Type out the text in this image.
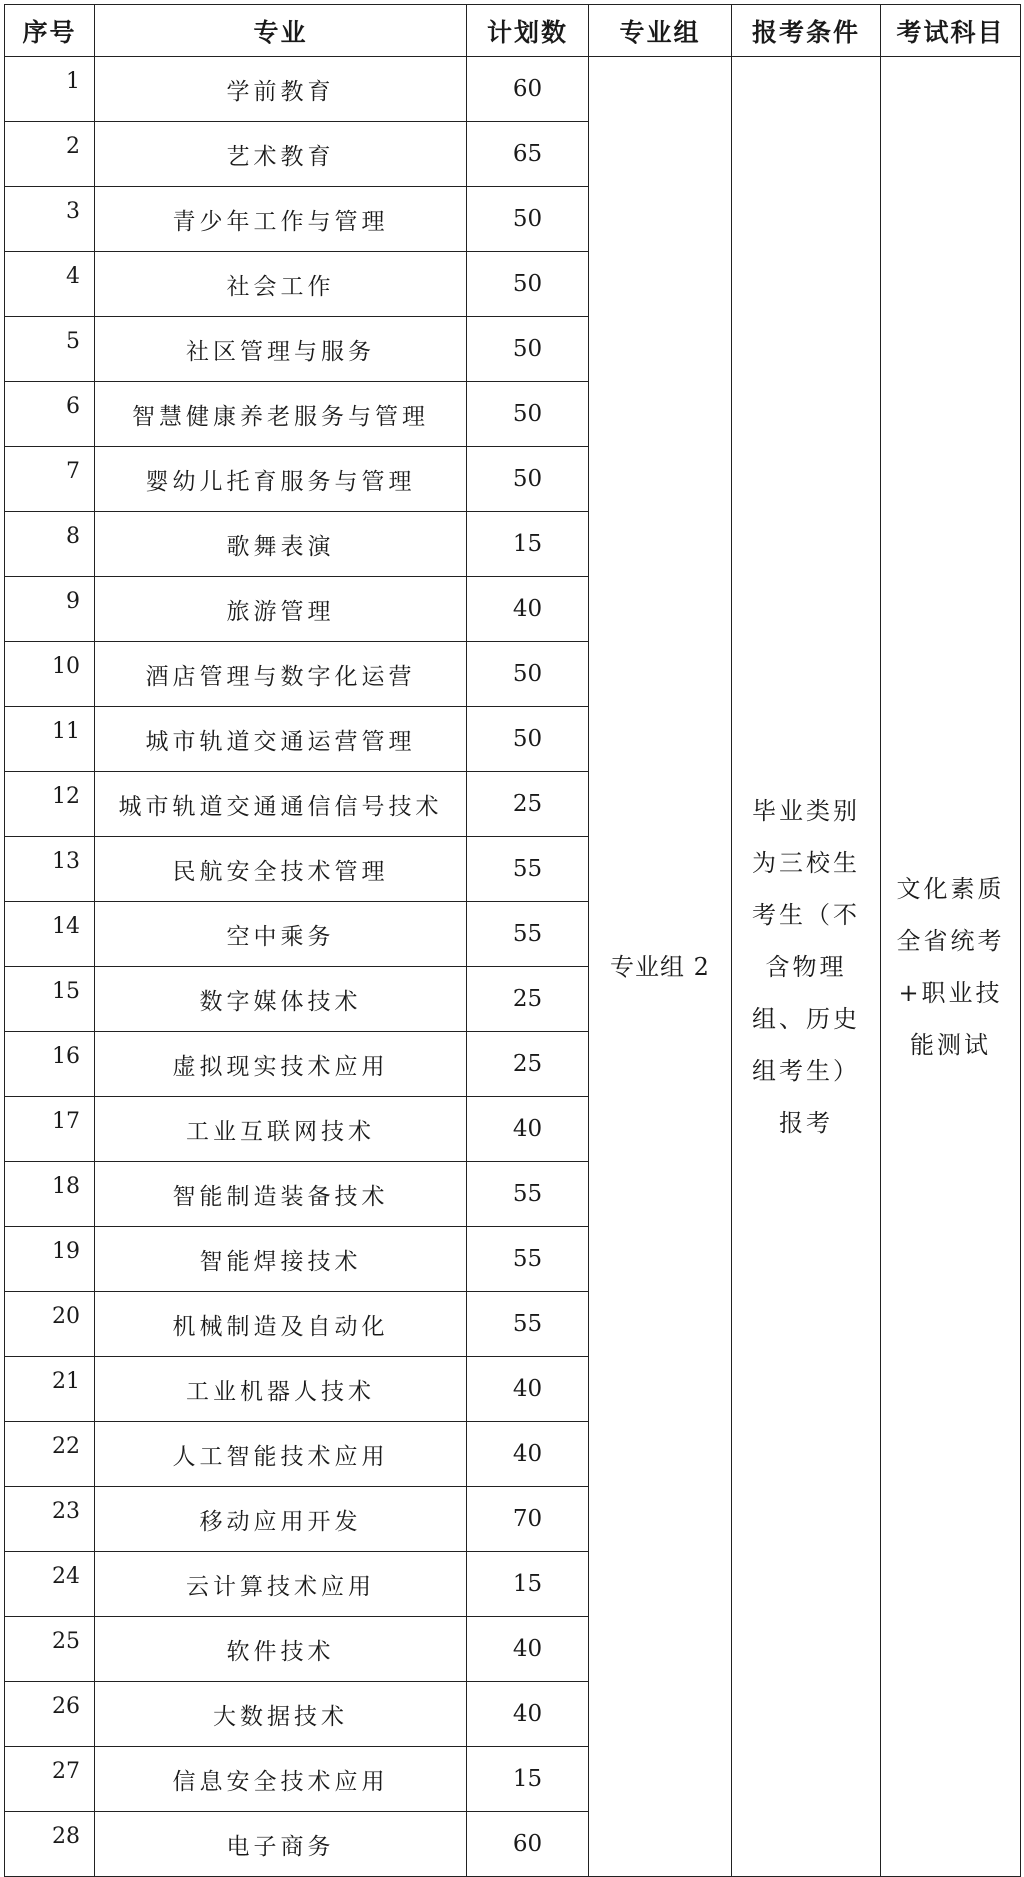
序号	专业	计划数	专业组	报考条件	考试科目
1	学前教育	60	专业组 2	毕业类别为三校生考生（不含物理组、历史组考生）报考	文化素质全省统考+职业技能测试
2	艺术教育	65			
3	青少年工作与管理	50			
4	社会工作	50			
5	社区管理与服务	50			
6	智慧健康养老服务与管理	50			
7	婴幼儿托育服务与管理	50			
8	歌舞表演	15			
9	旅游管理	40			
10	酒店管理与数字化运营	50			
11	城市轨道交通运营管理	50			
12	城市轨道交通通信信号技术	25			
13	民航安全技术管理	55			
14	空中乘务	55			
15	数字媒体技术	25			
16	虚拟现实技术应用	25			
17	工业互联网技术	40			
18	智能制造装备技术	55			
19	智能焊接技术	55			
20	机械制造及自动化	55			
21	工业机器人技术	40			
22	人工智能技术应用	40			
23	移动应用开发	70			
24	云计算技术应用	15			
25	软件技术	40			
26	大数据技术	40			
27	信息安全技术应用	15			
28	电子商务	60			
